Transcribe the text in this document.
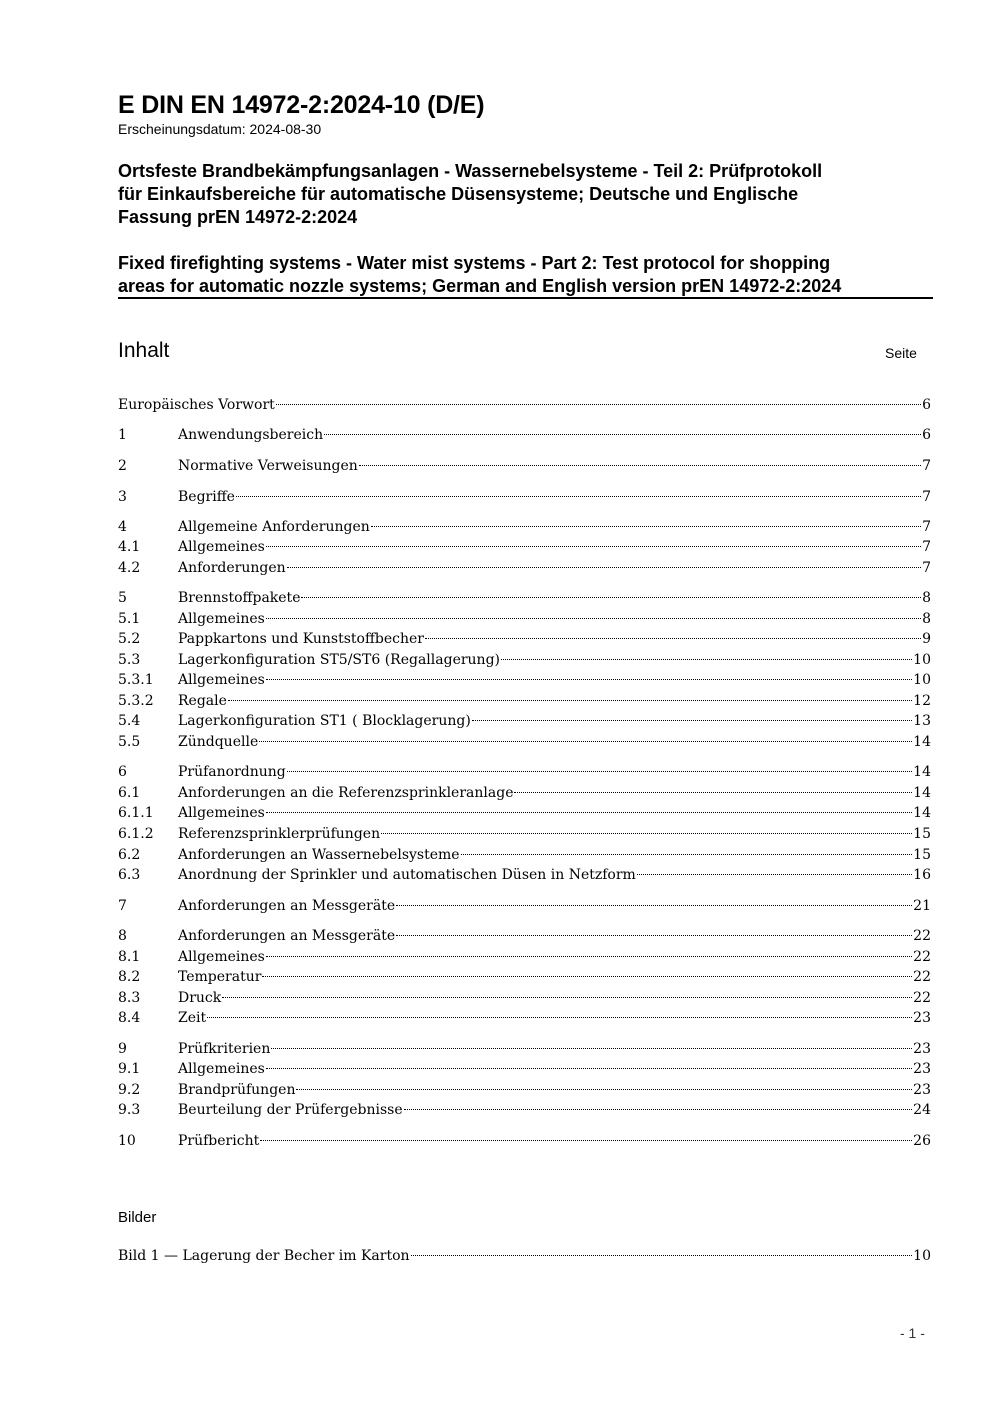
E DIN EN 14972-2:2024-10 (D/E)
Erscheinungsdatum: 2024-08-30
Ortsfeste Brandbekämpfungsanlagen - Wassernebelsysteme - Teil 2: Prüfprotokoll
für Einkaufsbereiche für automatische Düsensysteme; Deutsche und Englische
Fassung prEN 14972-2:2024
Fixed firefighting systems - Water mist systems - Part 2: Test protocol for shopping
areas for automatic nozzle systems; German and English version prEN 14972-2:2024
Inhalt	Seite
Europäisches Vorwort	6
1	Anwendungsbereich	6
2	Normative Verweisungen	7
3	Begriffe	7
4	Allgemeine Anforderungen	7
4.1	Allgemeines	7
4.2	Anforderungen	7
5	Brennstoffpakete	8
5.1	Allgemeines	8
5.2	Pappkartons und Kunststoffbecher	9
5.3	Lagerkonfiguration ST5/ST6 (Regallagerung)	10
5.3.1	Allgemeines	10
5.3.2	Regale	12
5.4	Lagerkonfiguration ST1 ( Blocklagerung)	13
5.5	Zündquelle	14
6	Prüfanordnung	14
6.1	Anforderungen an die Referenzsprinkleranlage	14
6.1.1	Allgemeines	14
6.1.2	Referenzsprinklerprüfungen	15
6.2	Anforderungen an Wassernebelsysteme	15
6.3	Anordnung der Sprinkler und automatischen Düsen in Netzform	16
7	Anforderungen an Messgeräte	21
8	Anforderungen an Messgeräte	22
8.1	Allgemeines	22
8.2	Temperatur	22
8.3	Druck	22
8.4	Zeit	23
9	Prüfkriterien	23
9.1	Allgemeines	23
9.2	Brandprüfungen	23
9.3	Beurteilung der Prüfergebnisse	24
10	Prüfbericht	26
Bilder
Bild 1 — Lagerung der Becher im Karton	10
- 1 -
